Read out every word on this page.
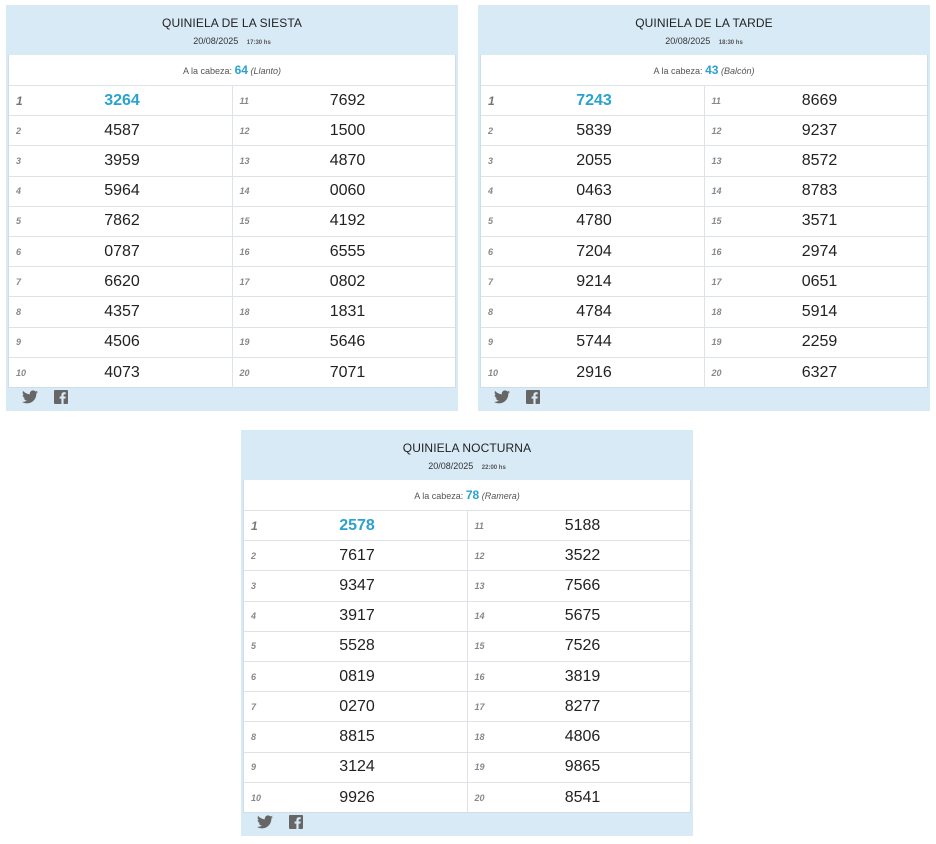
QUINIELA DE LA SIESTA
20/08/2025 17:30 hs
A la cabeza: 64 (Llanto)
1	3264
2	4587
3	3959
4	5964
5	7862
6	0787
7	6620
8	4357
9	4506
10	4073
11	7692
12	1500
13	4870
14	0060
15	4192
16	6555
17	0802
18	1831
19	5646
20	7071
QUINIELA DE LA TARDE
20/08/2025 18:30 hs
A la cabeza: 43 (Balcón)
1	7243
2	5839
3	2055
4	0463
5	4780
6	7204
7	9214
8	4784
9	5744
10	2916
11	8669
12	9237
13	8572
14	8783
15	3571
16	2974
17	0651
18	5914
19	2259
20	6327
QUINIELA NOCTURNA
20/08/2025 22:00 hs
A la cabeza: 78 (Ramera)
1	2578
2	7617
3	9347
4	3917
5	5528
6	0819
7	0270
8	8815
9	3124
10	9926
11	5188
12	3522
13	7566
14	5675
15	7526
16	3819
17	8277
18	4806
19	9865
20	8541
